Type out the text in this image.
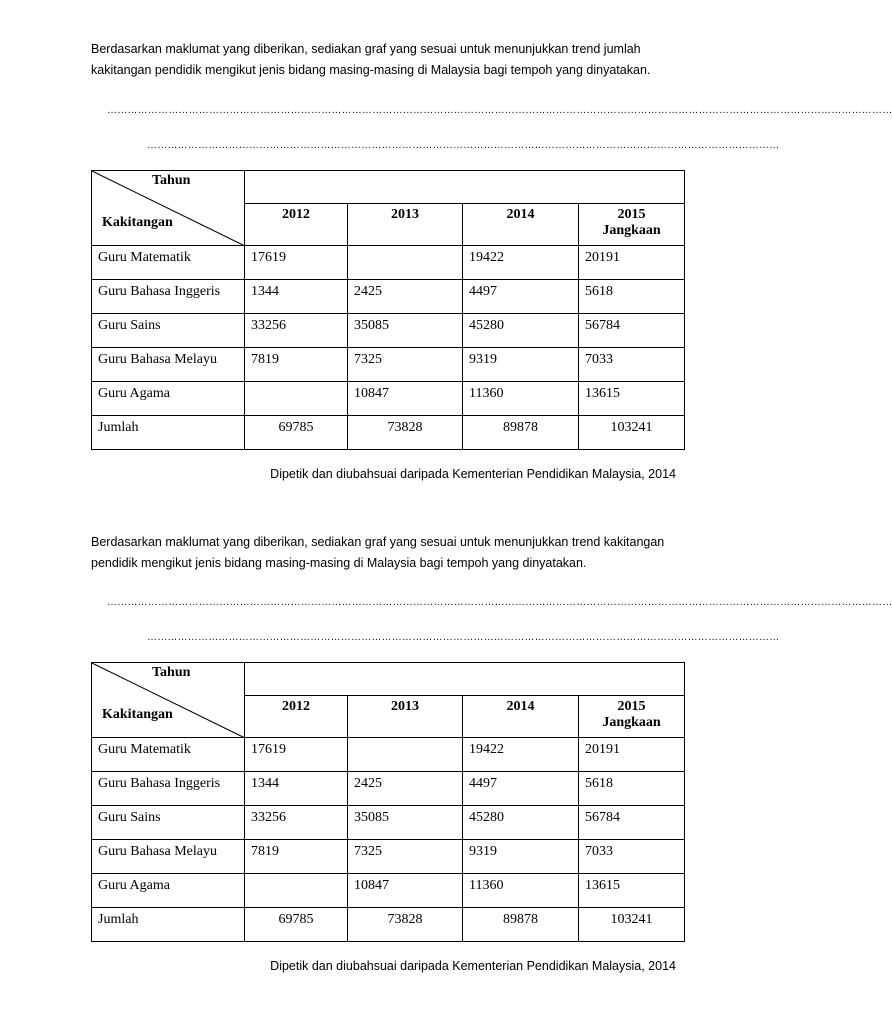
Berdasarkan maklumat yang diberikan, sediakan graf yang sesuai untuk menunjukkan trend jumlah kakitangan pendidik mengikut jenis bidang masing-masing di Malaysia bagi tempoh yang dinyatakan.
……………………………………………………………………………………………………………………………………………………………………………………………………………
……………………………………………………………………………………………………………………………………………………………………
Tahun
Kakitangan				

	2012	2013	2014	2015
Jangkaan
Guru Matematik	17619		19422	20191
Guru Bahasa Inggeris	1344	2425	4497	5618
Guru Sains	33256	35085	45280	56784
Guru Bahasa Melayu	7819	7325	9319	7033
Guru Agama		10847	11360	13615
Jumlah	69785	73828	89878	103241
Dipetik dan diubahsuai daripada Kementerian Pendidikan Malaysia, 2014
Berdasarkan maklumat yang diberikan, sediakan graf yang sesuai untuk menunjukkan trend kakitangan pendidik mengikut jenis bidang masing-masing di Malaysia bagi tempoh yang dinyatakan.
……………………………………………………………………………………………………………………………………………………………………………………………………………
……………………………………………………………………………………………………………………………………………………………………
Tahun
Kakitangan				

	2012	2013	2014	2015
Jangkaan
Guru Matematik	17619		19422	20191
Guru Bahasa Inggeris	1344	2425	4497	5618
Guru Sains	33256	35085	45280	56784
Guru Bahasa Melayu	7819	7325	9319	7033
Guru Agama		10847	11360	13615
Jumlah	69785	73828	89878	103241
Dipetik dan diubahsuai daripada Kementerian Pendidikan Malaysia, 2014
